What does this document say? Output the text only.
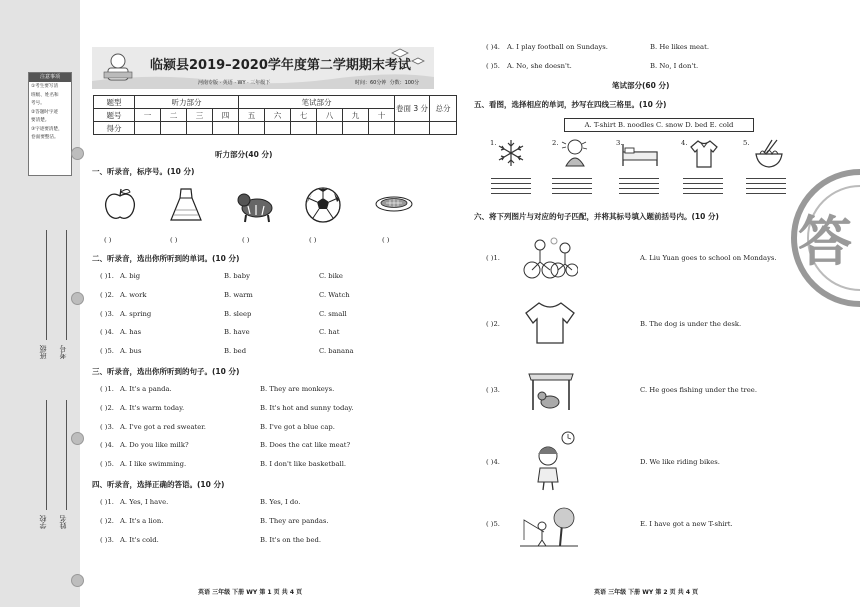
注意事项
①考生要写清
班级、姓名和
考号。
②答题时字迹
要清楚。
③字迹要清楚，
卷面要整洁。
班级 考号
学校 姓名
临颍县2019–2020学年度第二学期期末考试
河南专版 · 英语 · WY · 三年级下	时间：60分钟 分数：100分
题型	听力部分				笔试部分						卷面 3 分	总分
题号	一	二	三	四	五	六	七	八	九	十		
得分												
听力部分(40 分)
一、听录音，标序号。(10 分)
( )	( )	( )	( )	( )
二、听录音，选出你所听到的单词。(10 分)
三、听录音，选出你所听到的句子。(10 分)
四、听录音，选择正确的答语。(10 分)
英语 三年级 下册 WY 第 1 页 共 4 页
笔试部分(60 分)
五、看图，选择相应的单词，抄写在四线三格里。(10 分)
A. T-shirt B. noodles C. snow D. bed E. cold
1.	2.	3.	4.	5.
六、将下列图片与对应的句子匹配，并将其标号填入题前括号内。(10 分) 答
英语 三年级 下册 WY 第 2 页 共 4 页
( )1. A. big	B. baby	C. bike
( )2. A. work	B. warm	C. Watch
( )3. A. spring	B. sleep	C. small
( )4. A. has	B. have	C. hat
( )5. A. bus	B. bed	C. banana
( )1. A. It's a panda.	B. They are monkeys.
( )2. A. It's warm today.	B. It's hot and sunny today.
( )3. A. I've got a red sweater.	B. I've got a blue cap.
( )4. A. Do you like milk?	B. Does the cat like meat?
( )5. A. I like swimming.	B. I don't like basketball.
( )1. A. Yes, I have.	B. Yes, I do.
( )2. A. It's a lion.	B. They are pandas.
( )3. A. It's cold.	B. It's on the bed.
( )4. A. I play football on Sundays.	B. He likes meat.
( )5. A. No, she doesn't.	B. No, I don't.
( )1.	A. Liu Yuan goes to school on Mondays.
( )2.	B. The dog is under the desk.
( )3.	C. He goes fishing under the tree.
( )4.	D. We like riding bikes.
( )5.	E. I have got a new T-shirt.
